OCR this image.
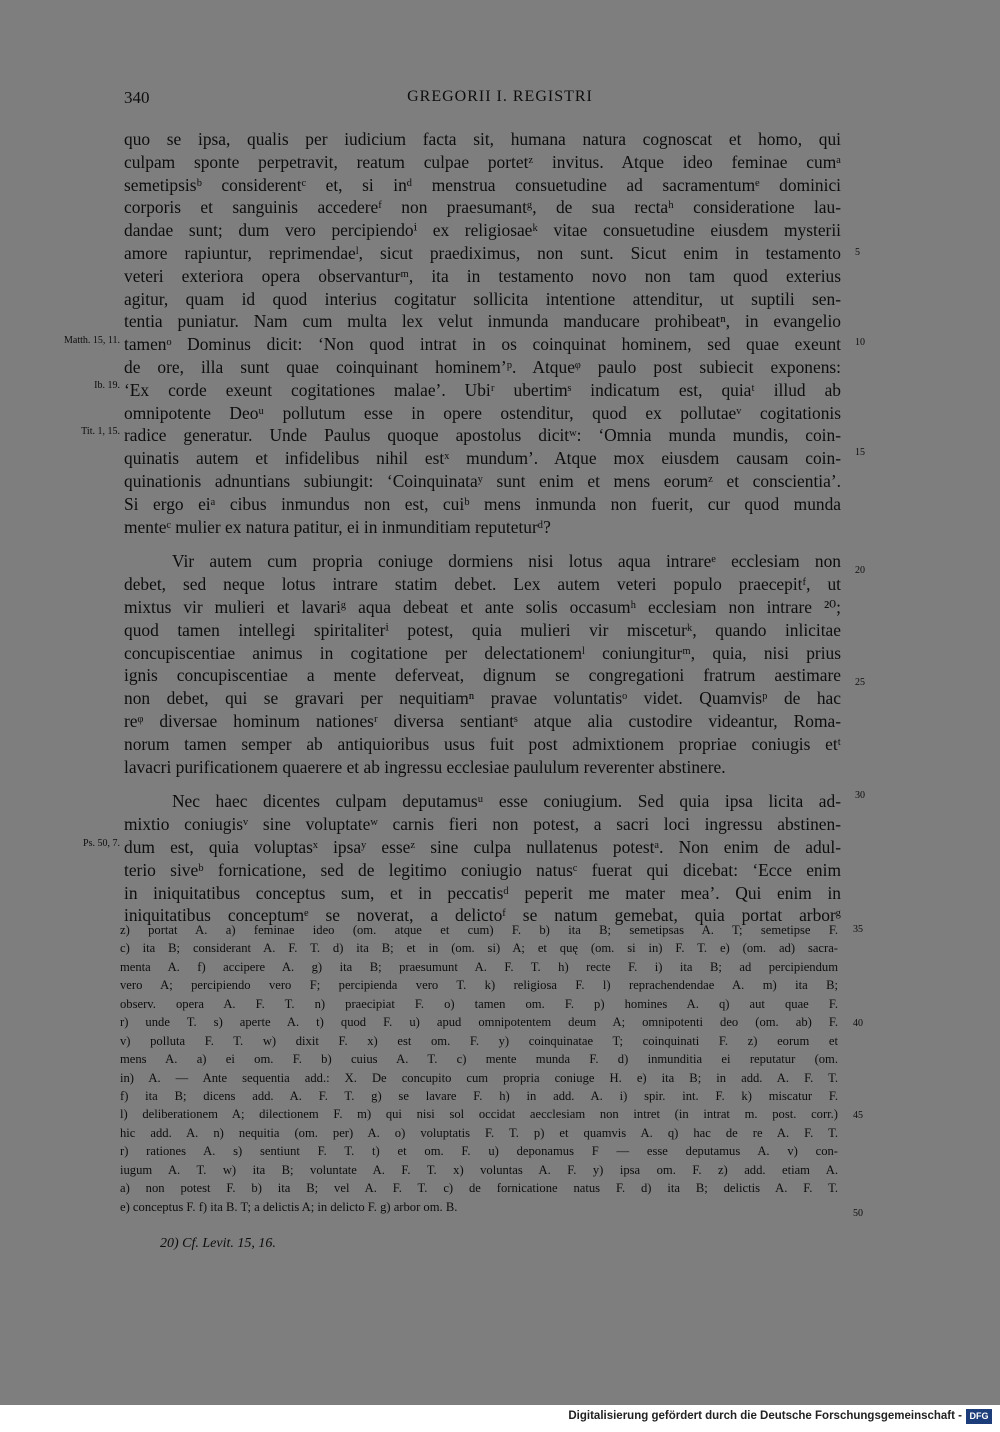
340	GREGORII I. REGISTRI
quo se ipsa, qualis per iudicium facta sit, humana natura cognoscat et homo, qui
culpam sponte perpetravit, reatum culpae portetᶻ invitus. Atque ideo feminae cumᵃ
semetipsisᵇ considerentᶜ et, si inᵈ menstrua consuetudine ad sacramentumᵉ dominici
corporis et sanguinis accedereᶠ non praesumantᵍ, de sua rectaʰ consideratione lau-
dandae sunt; dum vero percipiendoⁱ ex religiosaeᵏ vitae consuetudine eiusdem mysterii
amore rapiuntur, reprimendaeˡ, sicut praediximus, non sunt. Sicut enim in testamento
veteri exteriora opera observanturᵐ, ita in testamento novo non tam quod exterius
agitur, quam id quod interius cogitatur sollicita intentione attenditur, ut suptili sen-
tentia puniatur. Nam cum multa lex velut inmunda manducare prohibeatⁿ, in evangelio
tamenᵒ Dominus dicit: ‘Non quod intrat in os coinquinat hominem, sed quae exeunt
de ore, illa sunt quae coinquinant hominem’ᵖ. Atqueᵠ paulo post subiecit exponens:
‘Ex corde exeunt cogitationes malae’. Ubiʳ ubertimˢ indicatum est, quiaᵗ illud ab
omnipotente Deoᵘ pollutum esse in opere ostenditur, quod ex pollutaeᵛ cogitationis
radice generatur. Unde Paulus quoque apostolus dicitʷ: ‘Omnia munda mundis, coin-
quinatis autem et infidelibus nihil estˣ mundum’. Atque mox eiusdem causam coin-
quinationis adnuntians subiungit: ‘Coinquinataʸ sunt enim et mens eorumᶻ et conscientia’.
Si ergo eiᵃ cibus inmundus non est, cuiᵇ mens inmunda non fuerit, cur quod munda
menteᶜ mulier ex natura patitur, ei in inmunditiam reputeturᵈ?
Vir autem cum propria coniuge dormiens nisi lotus aqua intrareᵉ ecclesiam non
debet, sed neque lotus intrare statim debet. Lex autem veteri populo praecepitᶠ, ut
mixtus vir mulieri et lavariᵍ aqua debeat et ante solis occasumʰ ecclesiam non intrare ²⁰;
quod tamen intellegi spiritaliterⁱ potest, quia mulieri vir misceturᵏ, quando inlicitae
concupiscentiae animus in cogitatione per delectationemˡ coniungiturᵐ, quia, nisi prius
ignis concupiscentiae a mente deferveat, dignum se congregationi fratrum aestimare
non debet, qui se gravari per nequitiamⁿ pravae voluntatisᵒ videt. Quamvisᵖ de hac
reᵠ diversae hominum nationesʳ diversa sentiantˢ atque alia custodire videantur, Roma-
norum tamen semper ab antiquioribus usus fuit post admixtionem propriae coniugis etᵗ
lavacri purificationem quaerere et ab ingressu ecclesiae paululum reverenter abstinere.
Nec haec dicentes culpam deputamusᵘ esse coniugium. Sed quia ipsa licita ad-
mixtio coniugisᵛ sine voluptateʷ carnis fieri non potest, a sacri loci ingressu abstinen-
dum est, quia voluptasˣ ipsaʸ esseᶻ sine culpa nullatenus potestᵃ. Non enim de adul-
terio siveᵇ fornicatione, sed de legitimo coniugio natusᶜ fuerat qui dicebat: ‘Ecce enim
in iniquitatibus conceptus sum, et in peccatisᵈ peperit me mater mea’. Qui enim in
iniquitatibus conceptumᵉ se noverat, a delictoᶠ se natum gemebat, quia portat arborᵍ
5
10
15
20
25
30
Matth. 15, 11.
Ib. 19.
Tit. 1, 15.
Ps. 50, 7.
z) portat A. a) feminae ideo (om. atque et cum) F. b) ita B; semetipsas A. T; semetipse F.
c) ita B; considerant A. F. T. d) ita B; et in (om. si) A; et quę (om. si in) F. T. e) (om. ad) sacra-
menta A. f) accipere A. g) ita B; praesumunt A. F. T. h) recte F. i) ita B; ad percipiendum
vero A; percipiendo vero F; percipienda vero T. k) religiosa F. l) reprachendendae A. m) ita B;
observ. opera A. F. T. n) praecipiat F. o) tamen om. F. p) homines A. q) aut quae F.
r) unde T. s) aperte A. t) quod F. u) apud omnipotentem deum A; omnipotenti deo (om. ab) F.
v) polluta F. T. w) dixit F. x) est om. F. y) coinquinatae T; coinquinati F. z) eorum et
mens A. a) ei om. F. b) cuius A. T. c) mente munda F. d) inmunditia ei reputatur (om.
in) A. — Ante sequentia add.: X. De concupito cum propria coniuge H. e) ita B; in add. A. F. T.
f) ita B; dicens add. A. F. T. g) se lavare F. h) in add. A. i) spir. int. F. k) miscatur F.
l) deliberationem A; dilectionem F. m) qui nisi sol occidat aecclesiam non intret (in intrat m. post. corr.)
hic add. A. n) nequitia (om. per) A. o) voluptatis F. T. p) et quamvis A. q) hac de re A. F. T.
r) rationes A. s) sentiunt F. T. t) et om. F. u) deponamus F — esse deputamus A. v) con-
iugum A. T. w) ita B; voluntate A. F. T. x) voluntas A. F. y) ipsa om. F. z) add. etiam A.
a) non potest F. b) ita B; vel A. F. T. c) de fornicatione natus F. d) ita B; delictis A. F. T.
e) conceptus F. f) ita B. T; a delictis A; in delicto F. g) arbor om. B.
35
40
45
50
20) Cf. Levit. 15, 16.
Digitalisierung gefördert durch die Deutsche Forschungsgemeinschaft - DFG
